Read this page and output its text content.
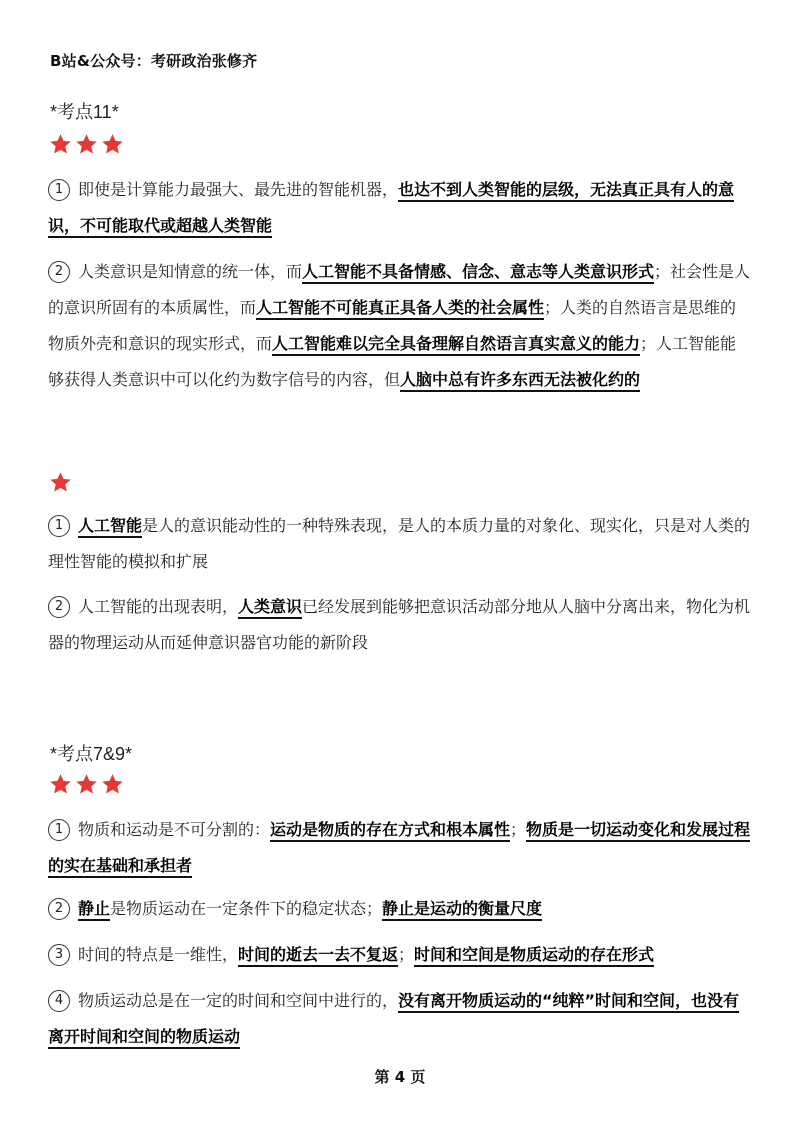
B站&公众号：考研政治张修齐
*考点11*
1 即使是计算能力最强大、最先进的智能机器，也达不到人类智能的层级，无法真正具有人的意识，不可能取代或超越人类智能
2 人类意识是知情意的统一体，而人工智能不具备情感、信念、意志等人类意识形式；社会性是人的意识所固有的本质属性，而人工智能不可能真正具备人类的社会属性；人类的自然语言是思维的物质外壳和意识的现实形式，而人工智能难以完全具备理解自然语言真实意义的能力；人工智能能够获得人类意识中可以化约为数字信号的内容，但人脑中总有许多东西无法被化约的
1 人工智能是人的意识能动性的一种特殊表现，是人的本质力量的对象化、现实化，只是对人类的理性智能的模拟和扩展
2 人工智能的出现表明，人类意识已经发展到能够把意识活动部分地从人脑中分离出来，物化为机器的物理运动从而延伸意识器官功能的新阶段
*考点7&9*
1 物质和运动是不可分割的：运动是物质的存在方式和根本属性；物质是一切运动变化和发展过程的实在基础和承担者
2 静止是物质运动在一定条件下的稳定状态；静止是运动的衡量尺度
3 时间的特点是一维性，时间的逝去一去不复返；时间和空间是物质运动的存在形式
4 物质运动总是在一定的时间和空间中进行的，没有离开物质运动的“纯粹”时间和空间，也没有离开时间和空间的物质运动
第 4 页
